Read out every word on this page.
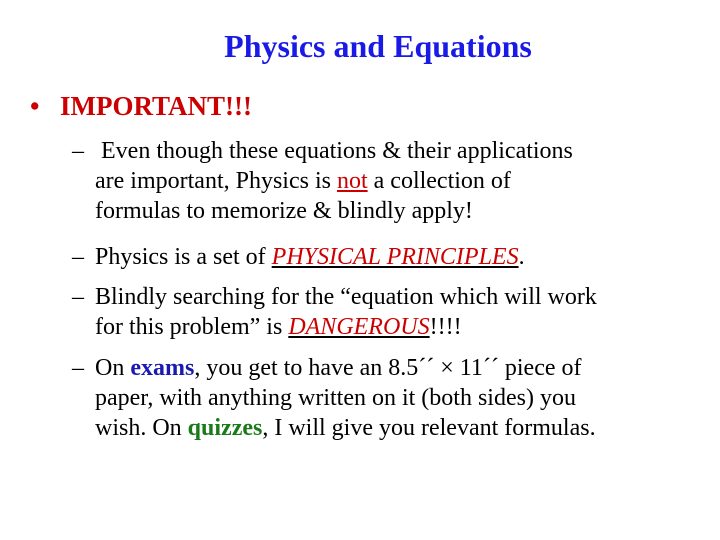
Physics and Equations
• IMPORTANT!!!
– Even though these equations & their applications
are important, Physics is not a collection of
formulas to memorize & blindly apply!
– Physics is a set of PHYSICAL PRINCIPLES.
– Blindly searching for the “equation which will work
for this problem” is DANGEROUS!!!!
– On exams, you get to have an 8.5´´ × 11´´ piece of
paper, with anything written on it (both sides) you
wish. On quizzes, I will give you relevant formulas.
